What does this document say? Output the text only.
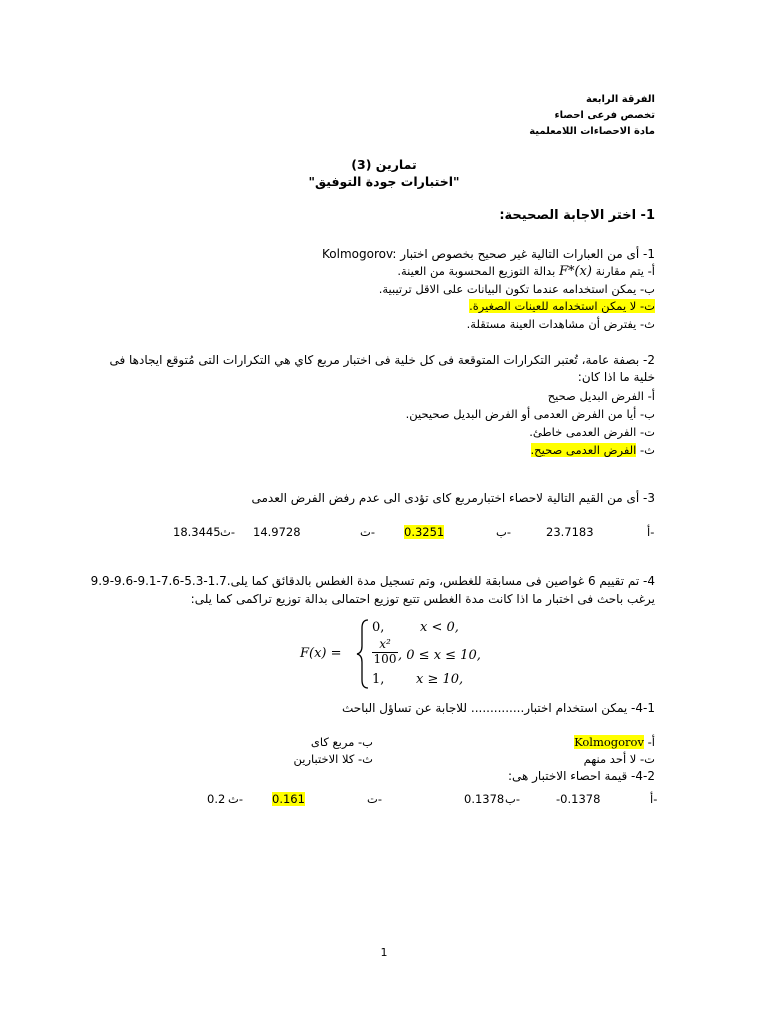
الفرقة الرابعة
تخصص فرعى احصاء
مادة الاحصاءات اللامعلمية
تمارين (3)
"اختبارات جودة التوفيق"
1- اختر الاجابة الصحيحة:
1- أى من العبارات التالية غير صحيح بخصوص اختبار Kolmogorov:
أ- يتم مقارنة F*(x) بدالة التوزيع المحسوبة من العينة.
ب- يمكن استخدامه عندما تكون البيانات على الاقل ترتيبية.
ت- لا يمكن استخدامه للعينات الصغيرة.
ث- يفترض أن مشاهدات العينة مستقلة.
2- بصفة عامة، تُعتبر التكرارات المتوقعة فى كل خلية فى اختبار مربع كاي هي التكرارات التى مُتوقع ايجادها فى
خلية ما اذا كان:
أ- الفرض البديل صحيح
ب- أيا من الفرض العدمى أو الفرض البديل صحيحين.
ت- الفرض العدمى خاطئ.
ث- الفرض العدمى صحيح.
3- أى من القيم التالية لاحصاء اختبارمربع كاى تؤدى الى عدم رفض الفرض العدمى
أ-
23.7183
ب-
0.3251
ت-
14.9728
ث-
18.3445
4- تم تقييم 6 غواصين فى مسابقة للغطس، وتم تسجيل مدة الغطس بالدقائق كما يلى9.9-9.6-9.1-7.6-5.3-1.7.
يرغب باحث فى اختبار ما اذا كانت مدة الغطس تتبع توزيع احتمالى بدالة توزيع تراكمى كما يلى:
F(x) =
0,	x < 0,
x²
100 , 0 ≤ x ≤ 10,
1, x ≥ 10,
4-1- يمكن استخدام اختبار.............. للاجابة عن تساؤل الباحث
أ- Kolmogorov
ب- مربع كاى
ت- لا أحد منهم
ث- كلا الاختبارين
4-2- قيمة احصاء الاختبار هى:
أ-
-0.1378
ب-
0.1378
ت-
0.161
ث-
0.2
1
